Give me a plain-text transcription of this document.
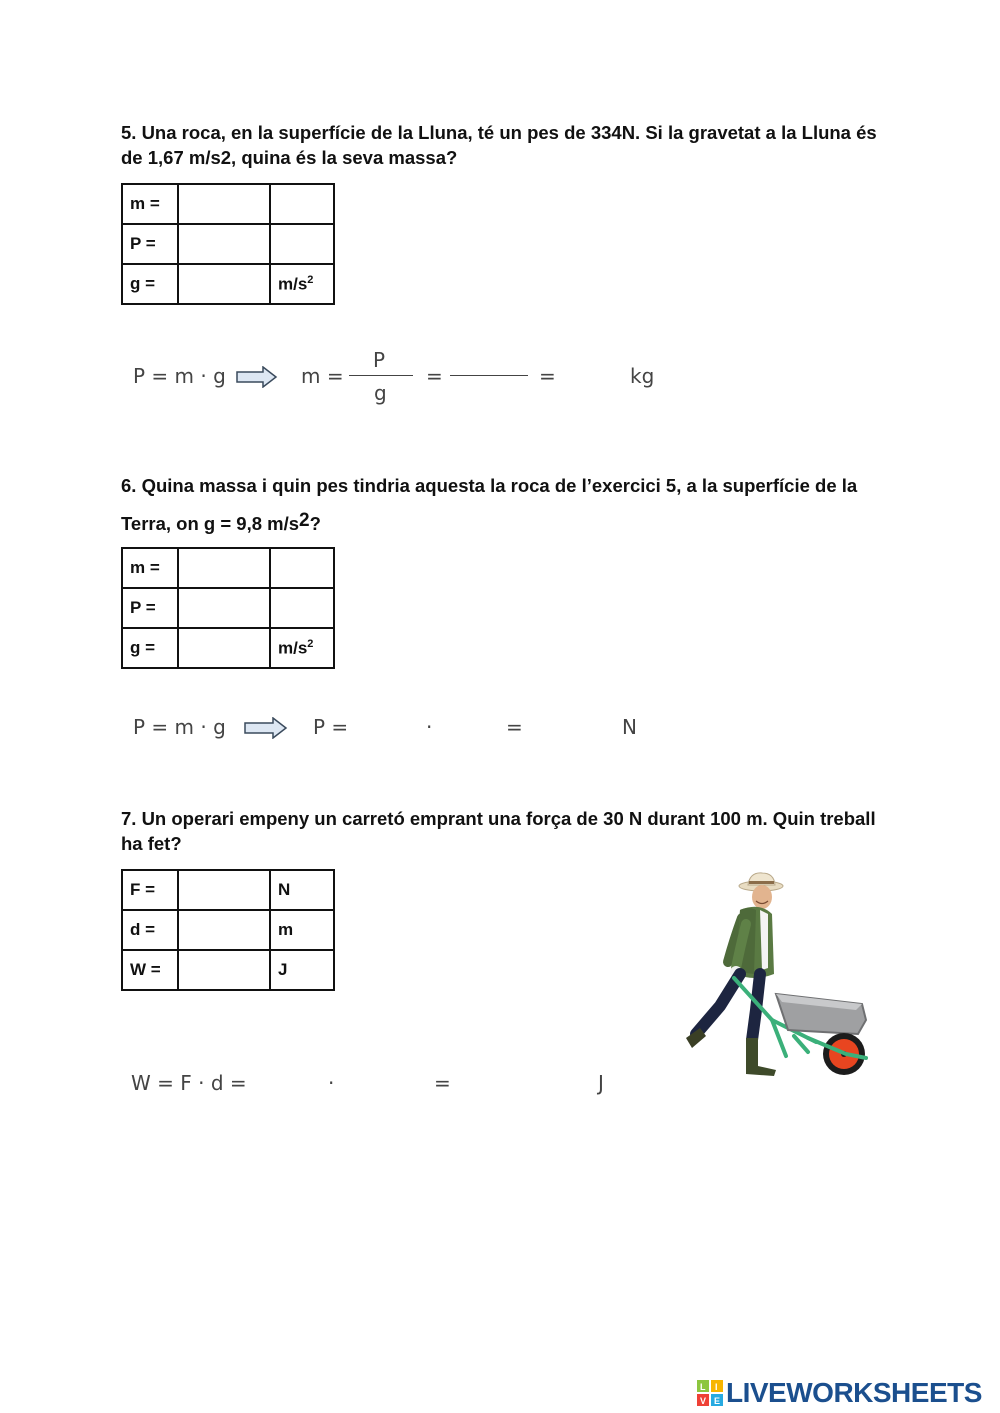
5. Una roca, en la superfície de la Lluna, té un pes de 334N. Si la gravetat a la Lluna és de 1,67 m/s2, quina és la seva massa?

m =		
P =		
g =		$m/s^2$
P = m · g	m =
P
g
=	=	kg

6. Quina massa i quin pes tindria aquesta la roca de l’exercici 5, a la superfície de la Terra, on g = 9,8 $m/s^2$?

m =		
P =		
g =		$m/s^2$
P = m · g	P =	·	=	N

7. Un operari empeny un carretó emprant una força de 30 N durant 100 m. Quin treball ha fet?

F =		N
d =		m
W =		J
W = F · d =	·	=	J
L I
V E LIVEWORKSHEETS
